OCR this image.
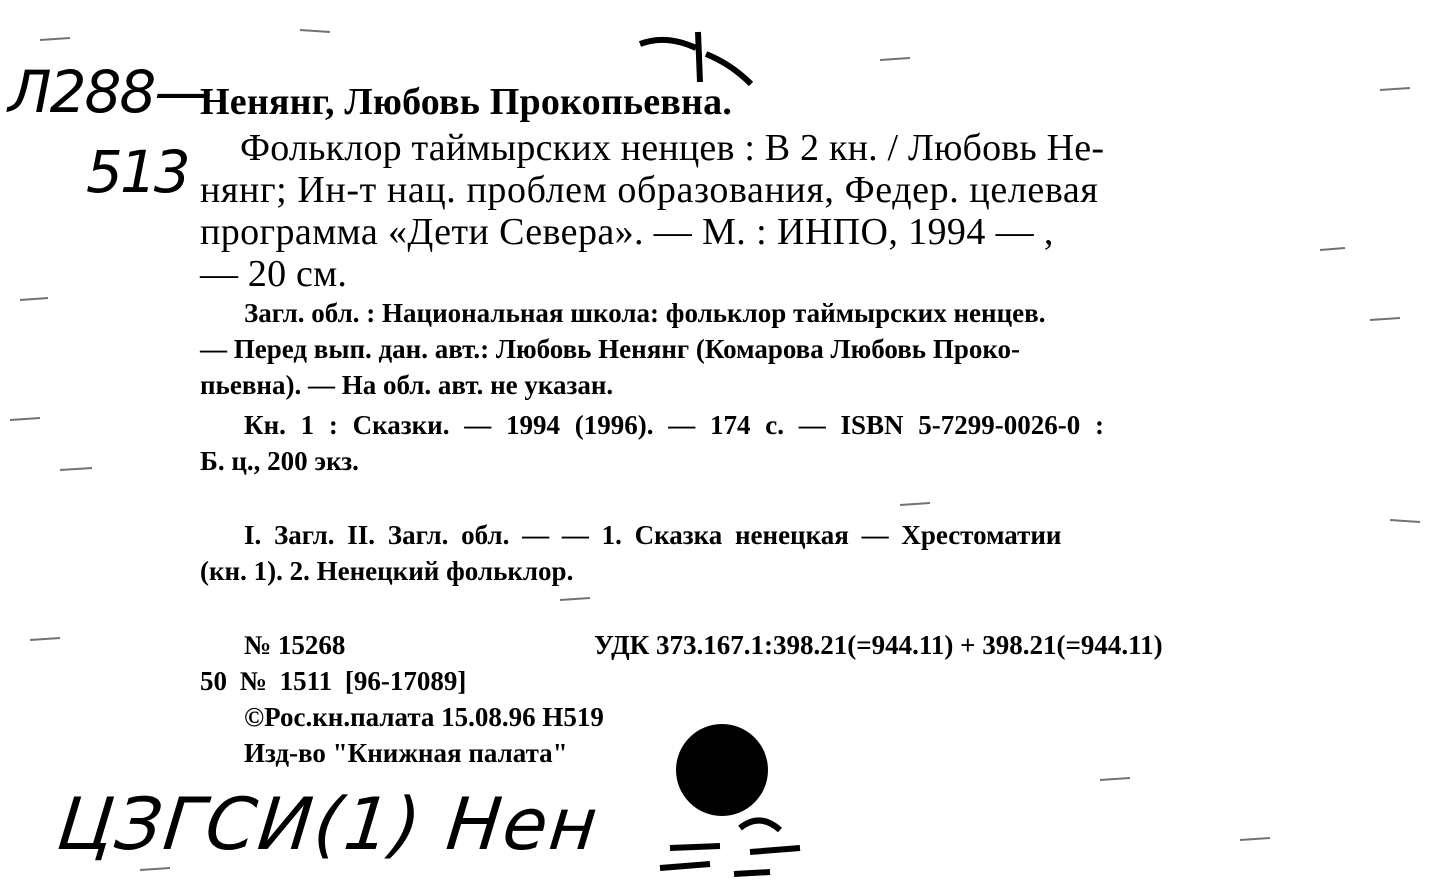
Л288—
513
ЦЗГСИ(1) Нен
Ненянг, Любовь Прокопьевна.
Фольклор таймырских ненцев : В 2 кн. / Любовь Не-
нянг; Ин-т нац. проблем образования, Федер. целевая
программа «Дети Севера». — М. : ИНПО, 1994 — ,
— 20 см.
Загл. обл. : Национальная школа: фольклор таймырских ненцев.
— Перед вып. дан. авт.: Любовь Ненянг (Комарова Любовь Проко-
пьевна). — На обл. авт. не указан.
Кн. 1 : Сказки. — 1994 (1996). — 174 с. — ISBN 5-7299-0026-0 :
Б. ц., 200 экз.
I. Загл. II. Загл. обл. — — 1. Сказка ненецкая — Хрестоматии
(кн. 1). 2. Ненецкий фольклор.
№ 15268	УДК 373.167.1:398.21(=944.11) + 398.21(=944.11)
50 № 1511 [96-17089]
©Рос.кн.палата 15.08.96 Н519
Изд-во "Книжная палата"
